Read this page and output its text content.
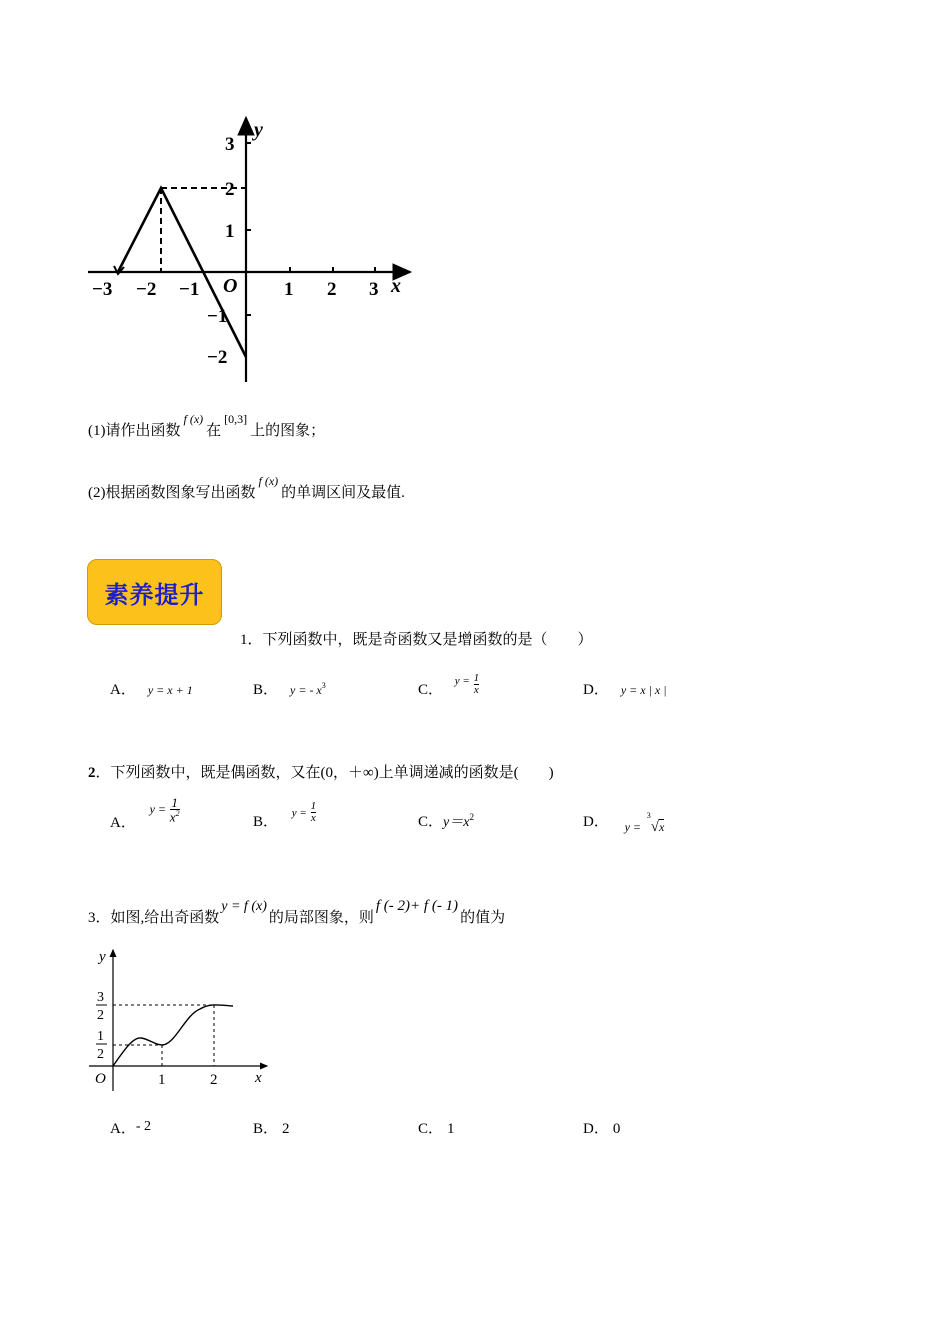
y
x
O
3
2
1
−1
−2
−3 −2 −1	1 2 3
(1)请作出函数$^{f (x)}$在[0,3]上的图象；
(2)根据函数图象写出函数$^{f (x)}$的单调区间及最值.
素养提升
1．下列函数中，既是奇函数又是增函数的是（　　）
A． y = x + 1	B． y = - $x^3$	C． $^{y =} \frac{1}{x}$	D． y = x | x |
2．下列函数中，既是偶函数，又在(0，＋∞)上单调递减的函数是(　　)
A． $y = \frac{1}{x^2}$	B． $y = \frac{1}{x}$	C．$y=x^2$	D． $_{y =}$ $^3√_x$
3．如图,给出奇函数y = f (x)的局部图象，则f (- 2)+ f (- 1)的值为
y
x
O
3
2
1
2
1	2
A．- 2	B． 2	C． 1	D． 0
